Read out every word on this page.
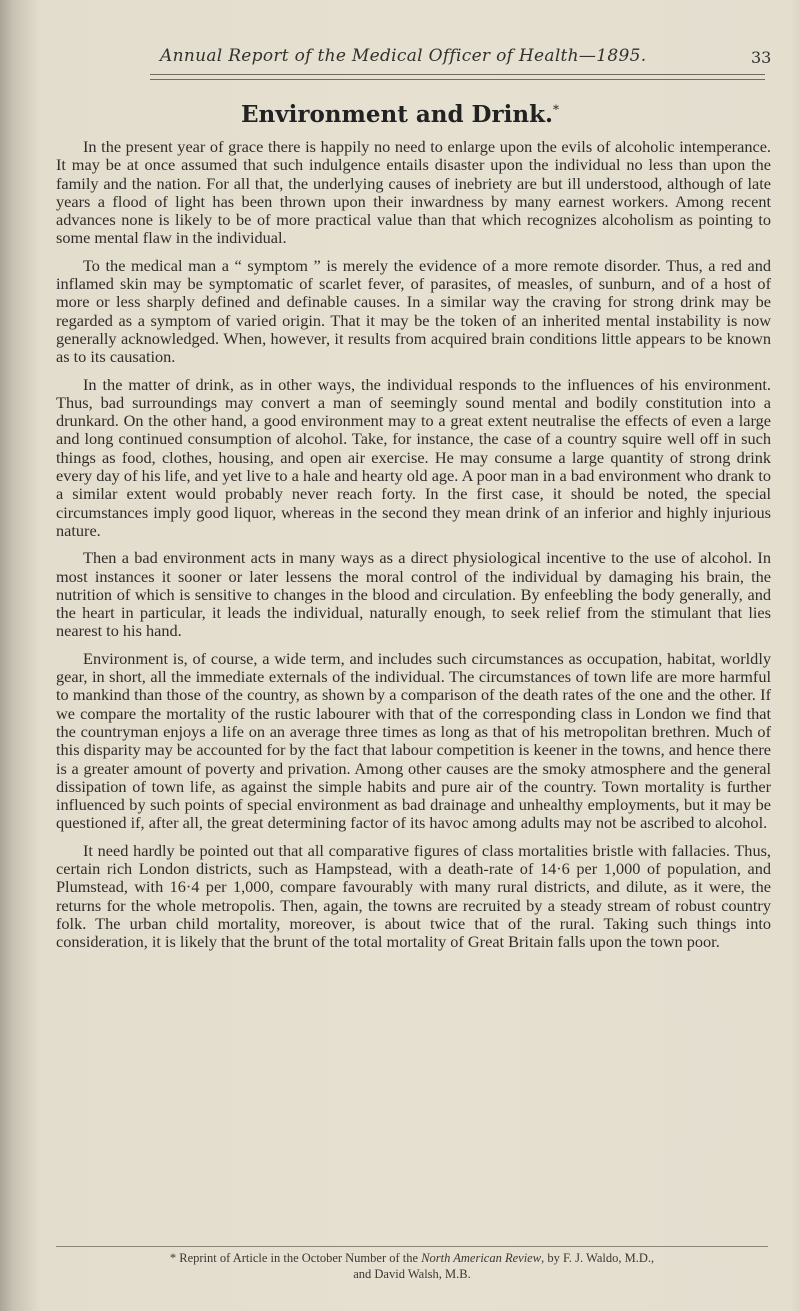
Annual Report of the Medical Officer of Health—1895.	33
Environment and Drink.*

In the present year of grace there is happily no need to enlarge upon the evils of alcoholic intemperance. It may be at once assumed that such indulgence entails disaster upon the individual no less than upon the family and the nation. For all that, the underlying causes of inebriety are but ill understood, although of late years a flood of light has been thrown upon their inwardness by many earnest workers. Among recent advances none is likely to be of more practical value than that which recognizes alcoholism as pointing to some mental flaw in the individual.

To the medical man a “ symptom ” is merely the evidence of a more remote disorder. Thus, a red and inflamed skin may be symptomatic of scarlet fever, of parasites, of measles, of sunburn, and of a host of more or less sharply defined and definable causes. In a similar way the craving for strong drink may be regarded as a symptom of varied origin. That it may be the token of an inherited mental instability is now generally acknowledged. When, however, it results from acquired brain conditions little appears to be known as to its causation.

In the matter of drink, as in other ways, the individual responds to the influences of his environment. Thus, bad surroundings may convert a man of seemingly sound mental and bodily constitution into a drunkard. On the other hand, a good environment may to a great extent neutralise the effects of even a large and long continued consumption of alcohol. Take, for instance, the case of a country squire well off in such things as food, clothes, housing, and open air exercise. He may consume a large quantity of strong drink every day of his life, and yet live to a hale and hearty old age. A poor man in a bad environment who drank to a similar extent would probably never reach forty. In the first case, it should be noted, the special circumstances imply good liquor, whereas in the second they mean drink of an inferior and highly injurious nature.

Then a bad environment acts in many ways as a direct physiological incentive to the use of alcohol. In most instances it sooner or later lessens the moral control of the individual by damaging his brain, the nutrition of which is sensitive to changes in the blood and circulation. By enfeebling the body generally, and the heart in particular, it leads the individual, naturally enough, to seek relief from the stimulant that lies nearest to his hand.

Environment is, of course, a wide term, and includes such circumstances as occupation, habitat, worldly gear, in short, all the immediate externals of the individual. The circumstances of town life are more harmful to mankind than those of the country, as shown by a comparison of the death rates of the one and the other. If we compare the mortality of the rustic labourer with that of the corresponding class in London we find that the countryman enjoys a life on an average three times as long as that of his metropolitan brethren. Much of this disparity may be accounted for by the fact that labour competition is keener in the towns, and hence there is a greater amount of poverty and privation. Among other causes are the smoky atmosphere and the general dissipation of town life, as against the simple habits and pure air of the country. Town mortality is further influenced by such points of special environment as bad drainage and unhealthy employments, but it may be questioned if, after all, the great determining factor of its havoc among adults may not be ascribed to alcohol.

It need hardly be pointed out that all comparative figures of class mortalities bristle with fallacies. Thus, certain rich London districts, such as Hampstead, with a death-rate of 14·6 per 1,000 of population, and Plumstead, with 16·4 per 1,000, compare favourably with many rural districts, and dilute, as it were, the returns for the whole metropolis. Then, again, the towns are recruited by a steady stream of robust country folk. The urban child mortality, moreover, is about twice that of the rural. Taking such things into consideration, it is likely that the brunt of the total mortality of Great Britain falls upon the town poor.

* Reprint of Article in the October Number of the North American Review, by F. J. Waldo, M.D.,
and David Walsh, M.B.
